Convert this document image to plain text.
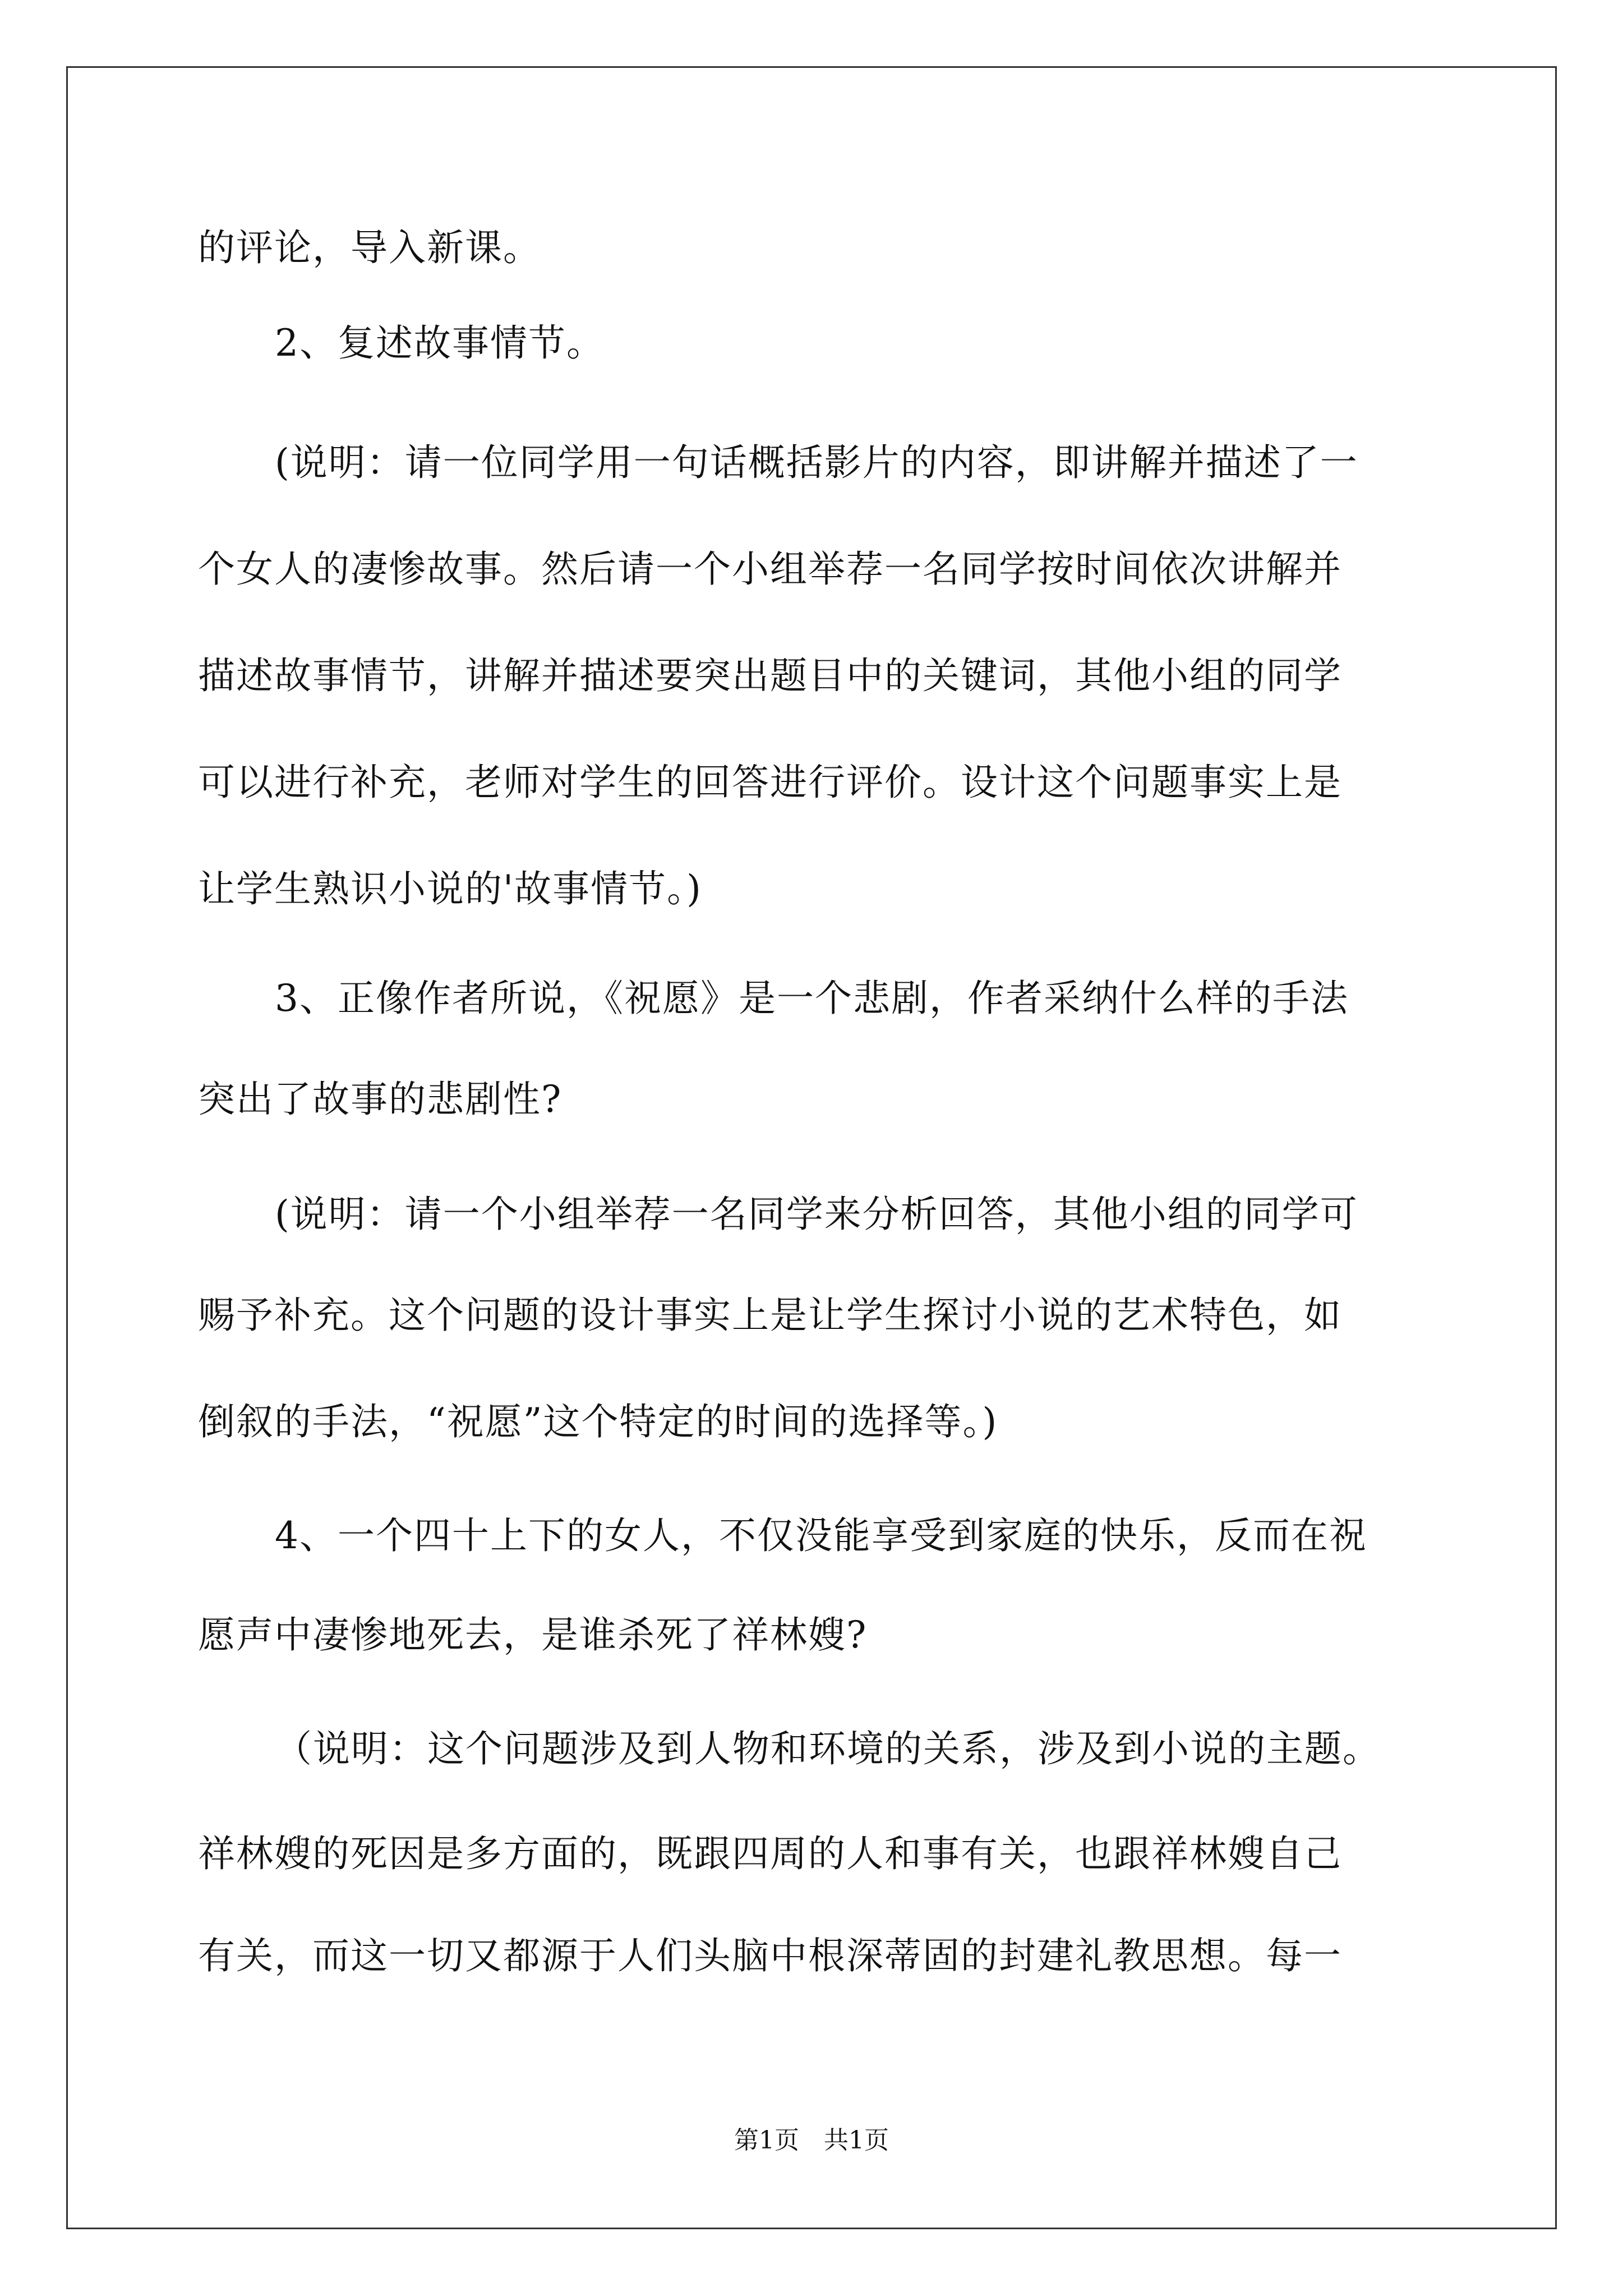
的评论，导入新课。
2、复述故事情节。
(说明：请一位同学用一句话概括影片的内容，即讲解并描述了一
个女人的凄惨故事。然后请一个小组举荐一名同学按时间依次讲解并
描述故事情节，讲解并描述要突出题目中的关键词，其他小组的同学
可以进行补充，老师对学生的回答进行评价。设计这个问题事实上是
让学生熟识小说的'故事情节。)
3、正像作者所说，《祝愿》是一个悲剧，作者采纳什么样的手法
突出了故事的悲剧性?
(说明：请一个小组举荐一名同学来分析回答，其他小组的同学可
赐予补充。这个问题的设计事实上是让学生探讨小说的艺术特色，如
倒叙的手法，“祝愿”这个特定的时间的选择等。)
4、一个四十上下的女人，不仅没能享受到家庭的快乐，反而在祝
愿声中凄惨地死去，是谁杀死了祥林嫂?
（说明：这个问题涉及到人物和环境的关系，涉及到小说的主题。
祥林嫂的死因是多方面的，既跟四周的人和事有关，也跟祥林嫂自己
有关，而这一切又都源于人们头脑中根深蒂固的封建礼教思想。每一
第1页　共1页
